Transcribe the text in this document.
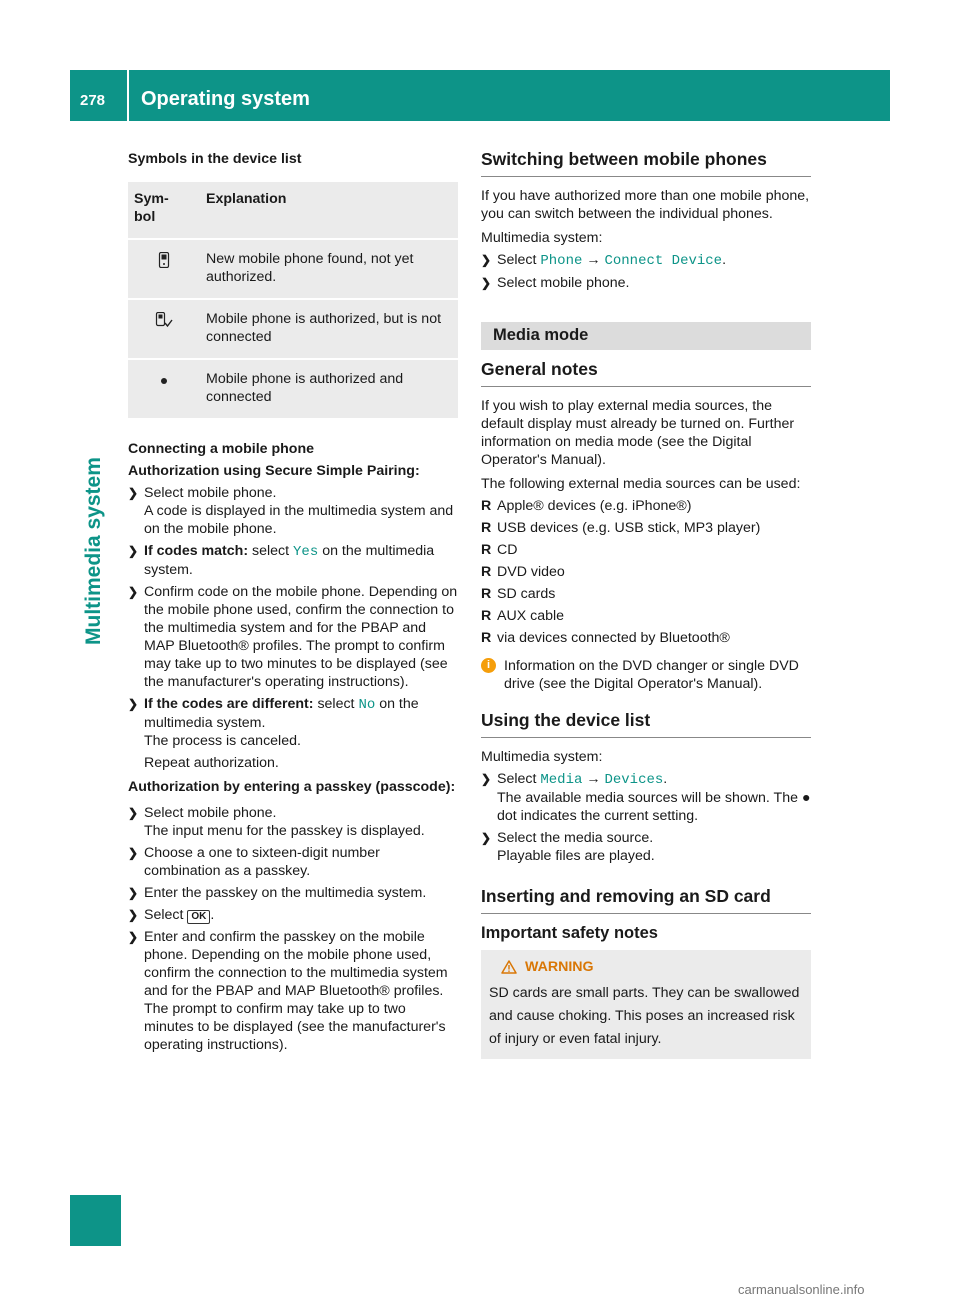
278 Operating system
Multimedia system
Symbols in the device list
Sym-
bol	Explanation
	New mobile phone found, not yet authorized.
	Mobile phone is authorized, but is not connected
	Mobile phone is authorized and connected
Connecting a mobile phone
Authorization using Secure Simple Pairing:
❯ Select mobile phone.
A code is displayed in the multimedia system and on the mobile phone.
❯ If codes match: select Yes on the multimedia system.
❯ Confirm code on the mobile phone. Depending on the mobile phone used, confirm the connection to the multimedia system and for the PBAP and MAP Bluetooth® profiles. The prompt to confirm may take up to two minutes to be displayed (see the manufacturer's operating instructions).
❯ If the codes are different: select No on the multimedia system.
The process is canceled.
Repeat authorization.
Authorization by entering a passkey (passcode):
❯ Select mobile phone.
The input menu for the passkey is displayed.
❯ Choose a one to sixteen-digit number combination as a passkey.
❯ Enter the passkey on the multimedia system.
❯ Select OK .
❯ Enter and confirm the passkey on the mobile phone. Depending on the mobile phone used, confirm the connection to the multimedia system and for the PBAP and MAP Bluetooth® profiles. The prompt to confirm may take up to two minutes to be displayed (see the manufacturer's operating instructions).
Switching between mobile phones
If you have authorized more than one mobile phone, you can switch between the individual phones.
Multimedia system:
❯ Select Phone → Connect Device.
❯ Select mobile phone.
Media mode
General notes
If you wish to play external media sources, the default display must already be turned on. Further information on media mode (see the Digital Operator's Manual).
The following external media sources can be used:
R Apple® devices (e.g. iPhone®)
R USB devices (e.g. USB stick, MP3 player)
R CD
R DVD video
R SD cards
R AUX cable
R via devices connected by Bluetooth®
i Information on the DVD changer or single DVD drive (see the Digital Operator's Manual).
Using the device list
Multimedia system:
❯ Select Media → Devices.
The available media sources will be shown. The ● dot indicates the current setting.
❯ Select the media source.
Playable files are played.
Inserting and removing an SD card
Important safety notes
WARNING
SD cards are small parts. They can be swallowed and cause choking. This poses an increased risk of injury or even fatal injury.
carmanualsonline.info
